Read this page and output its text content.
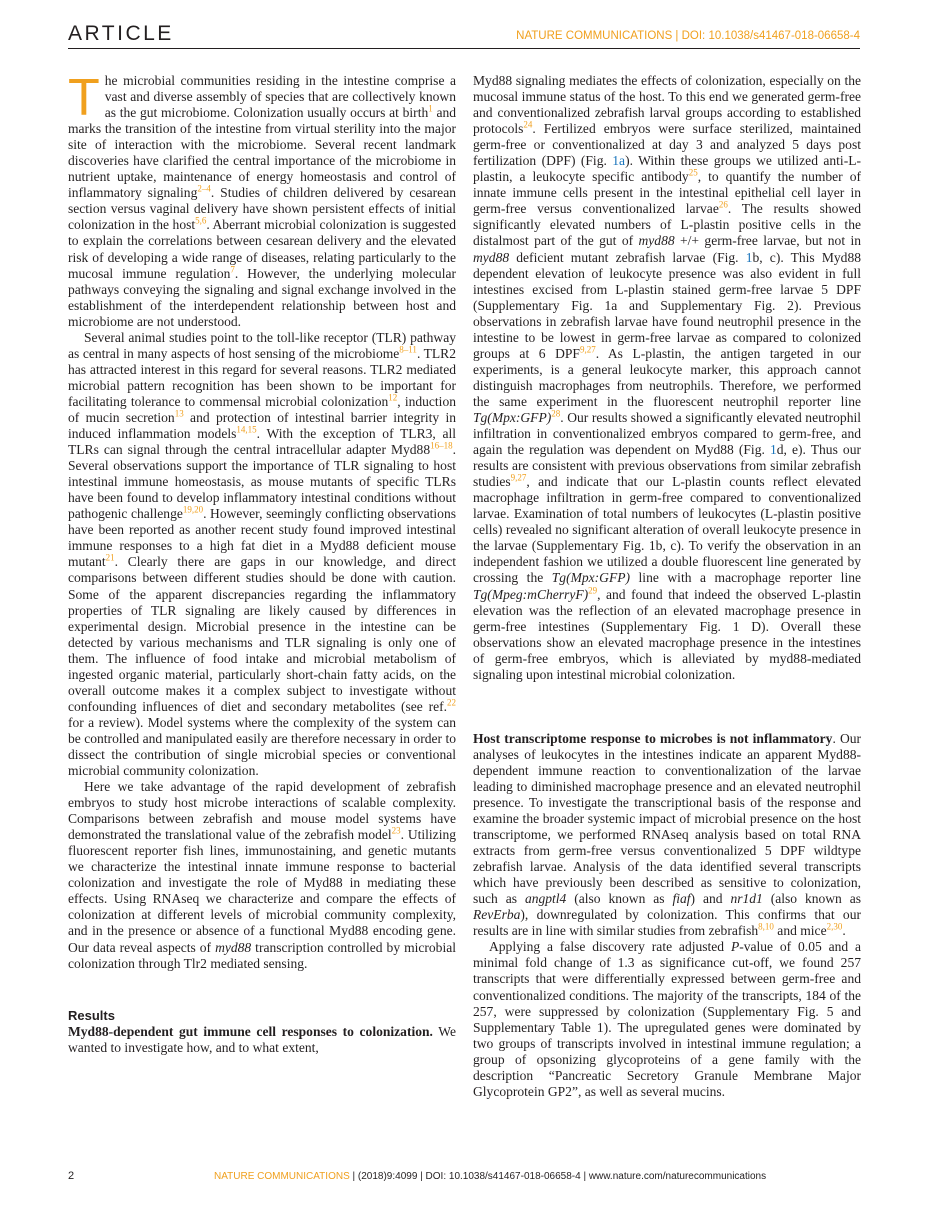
ARTICLE	NATURE COMMUNICATIONS | DOI: 10.1038/s41467-018-06658-4

The microbial communities residing in the intestine comprise a vast and diverse assembly of species that are collectively known as the gut microbiome. Colonization usually occurs at birth$^1$ and marks the transition of the intestine from virtual sterility into the major site of interaction with the microbiome. Several recent landmark discoveries have clarified the central importance of the microbiome in nutrient uptake, maintenance of energy homeostasis and control of inflammatory signaling$^{2-4}$. Studies of children delivered by cesarean section versus vaginal delivery have shown persistent effects of initial colonization in the host$^{5,6}$. Aberrant microbial colonization is suggested to explain the correlations between cesarean delivery and the elevated risk of developing a wide range of diseases, relating particularly to the mucosal immune regulation$^7$. However, the underlying molecular pathways conveying the signaling and signal exchange involved in the establishment of the interdependent relationship between host and microbiome are not understood.

Several animal studies point to the toll-like receptor (TLR) pathway as central in many aspects of host sensing of the microbiome$^{8-11}$. TLR2 has attracted interest in this regard for several reasons. TLR2 mediated microbial pattern recognition has been shown to be important for facilitating tolerance to commensal microbial colonization$^{12}$, induction of mucin secretion$^{13}$ and protection of intestinal barrier integrity in induced inflammation models$^{14,15}$. With the exception of TLR3, all TLRs can signal through the central intracellular adapter Myd88$^{16-18}$. Several observations support the importance of TLR signaling to host intestinal immune homeostasis, as mouse mutants of specific TLRs have been found to develop inflammatory intestinal conditions without pathogenic challenge$^{19,20}$. However, seemingly conflicting observations have been reported as another recent study found improved intestinal immune responses to a high fat diet in a Myd88 deficient mouse mutant$^{21}$. Clearly there are gaps in our knowledge, and direct comparisons between different studies should be done with caution. Some of the apparent discrepancies regarding the inflammatory properties of TLR signaling are likely caused by differences in experimental design. Microbial presence in the intestine can be detected by various mechanisms and TLR signaling is only one of them. The influence of food intake and microbial metabolism of ingested organic material, particularly short-chain fatty acids, on the overall outcome makes it a complex subject to investigate without confounding influences of diet and secondary metabolites (see ref.$^{22}$ for a review). Model systems where the complexity of the system can be controlled and manipulated easily are therefore necessary in order to dissect the contribution of single microbial species or conventional microbial community colonization.

Here we take advantage of the rapid development of zebrafish embryos to study host microbe interactions of scalable complexity. Comparisons between zebrafish and mouse model systems have demonstrated the translational value of the zebrafish model$^{23}$. Utilizing fluorescent reporter fish lines, immunostaining, and genetic mutants we characterize the intestinal innate immune response to bacterial colonization and investigate the role of Myd88 in mediating these effects. Using RNAseq we characterize and compare the effects of colonization at different levels of microbial community complexity, and in the presence or absence of a functional Myd88 encoding gene. Our data reveal aspects of myd88 transcription controlled by microbial colonization through Tlr2 mediated sensing.

Results

Myd88-dependent gut immune cell responses to colonization. We wanted to investigate how, and to what extent,

Myd88 signaling mediates the effects of colonization, especially on the mucosal immune status of the host. To this end we generated germ-free and conventionalized zebrafish larval groups according to established protocols$^{24}$. Fertilized embryos were surface sterilized, maintained germ-free or conventionalized at day 3 and analyzed 5 days post fertilization (DPF) (Fig. 1a). Within these groups we utilized anti-L-plastin, a leukocyte specific antibody$^{25}$, to quantify the number of innate immune cells present in the intestinal epithelial cell layer in germ-free versus conventionalized larvae$^{26}$. The results showed significantly elevated numbers of L-plastin positive cells in the distalmost part of the gut of myd88 +/+ germ-free larvae, but not in myd88 deficient mutant zebrafish larvae (Fig. 1b, c). This Myd88 dependent elevation of leukocyte presence was also evident in full intestines excised from L-plastin stained germ-free larvae 5 DPF (Supplementary Fig. 1a and Supplementary Fig. 2). Previous observations in zebrafish larvae have found neutrophil presence in the intestine to be lowest in germ-free larvae as compared to colonized groups at 6 DPF$^{9,27}$. As L-plastin, the antigen targeted in our experiments, is a general leukocyte marker, this approach cannot distinguish macrophages from neutrophils. Therefore, we performed the same experiment in the fluorescent neutrophil reporter line Tg(Mpx:GFP)$^{28}$. Our results showed a significantly elevated neutrophil infiltration in conventionalized embryos compared to germ-free, and again the regulation was dependent on Myd88 (Fig. 1d, e). Thus our results are consistent with previous observations from similar zebrafish studies$^{9,27}$, and indicate that our L-plastin counts reflect elevated macrophage infiltration in germ-free compared to conventionalized larvae. Examination of total numbers of leukocytes (L-plastin positive cells) revealed no significant alteration of overall leukocyte presence in the larvae (Supplementary Fig. 1b, c). To verify the observation in an independent fashion we utilized a double fluorescent line generated by crossing the Tg(Mpx:GFP) line with a macrophage reporter line Tg(Mpeg:mCherryF)$^{29}$, and found that indeed the observed L-plastin elevation was the reflection of an elevated macrophage presence in germ-free intestines (Supplementary Fig. 1 D). Overall these observations show an elevated macrophage presence in the intestines of germ-free embryos, which is alleviated by myd88-mediated signaling upon intestinal microbial colonization.

Host transcriptome response to microbes is not inflammatory. Our analyses of leukocytes in the intestines indicate an apparent Myd88-dependent immune reaction to conventionalization of the larvae leading to diminished macrophage presence and an elevated neutrophil presence. To investigate the transcriptional basis of the response and examine the broader systemic impact of microbial presence on the host transcriptome, we performed RNAseq analysis based on total RNA extracts from germ-free versus conventionalized 5 DPF wildtype zebrafish larvae. Analysis of the data identified several transcripts which have previously been described as sensitive to colonization, such as angptl4 (also known as fiaf) and nr1d1 (also known as RevErba), downregulated by colonization. This confirms that our results are in line with similar studies from zebrafish$^{8,10}$ and mice$^{2,30}$.

Applying a false discovery rate adjusted P-value of 0.05 and a minimal fold change of 1.3 as significance cut-off, we found 257 transcripts that were differentially expressed between germ-free and conventionalized conditions. The majority of the transcripts, 184 of the 257, were suppressed by colonization (Supplementary Fig. 5 and Supplementary Table 1). The upregulated genes were dominated by two groups of transcripts involved in intestinal immune regulation; a group of opsonizing glycoproteins of a gene family with the description “Pancreatic Secretory Granule Membrane Major Glycoprotein GP2”, as well as several mucins.

2	NATURE COMMUNICATIONS | (2018)9:4099 | DOI: 10.1038/s41467-018-06658-4 | www.nature.com/naturecommunications
